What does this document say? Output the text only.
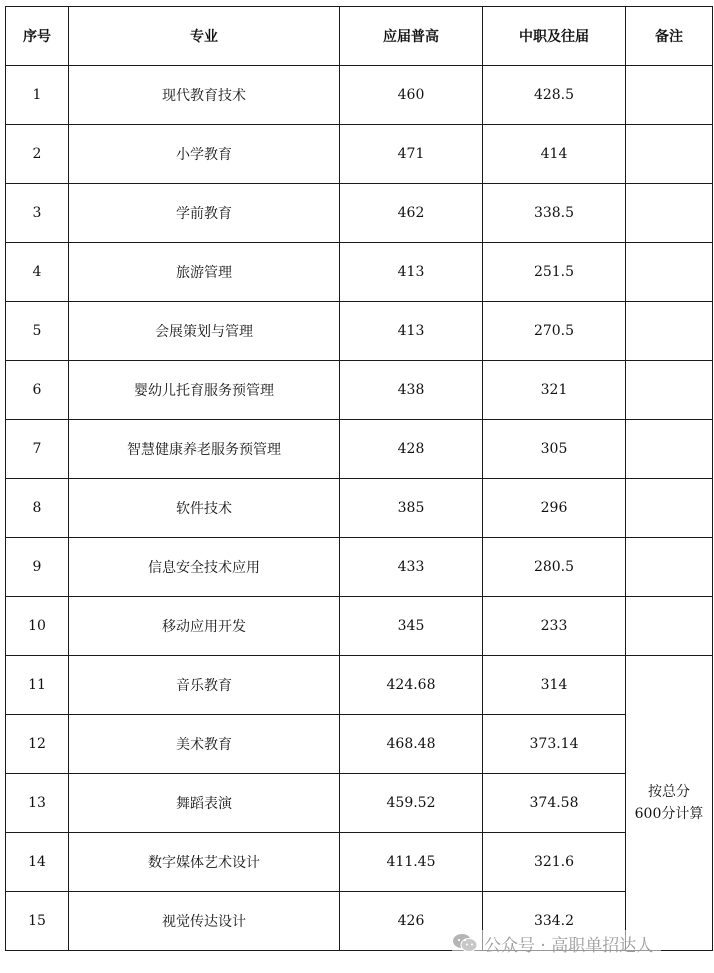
序号	专业	应届普高	中职及往届	备注
1	现代教育技术	460	428.5	
2	小学教育	471	414	
3	学前教育	462	338.5	
4	旅游管理	413	251.5	
5	会展策划与管理	413	270.5	
6	婴幼儿托育服务预管理	438	321	
7	智慧健康养老服务预管理	428	305	
8	软件技术	385	296	
9	信息安全技术应用	433	280.5	
10	移动应用开发	345	233	
11	音乐教育	424.68	314	按总分
600分计算

12	美术教育	468.48	373.14	
13	舞蹈表演	459.52	374.58	
14	数字媒体艺术设计	411.45	321.6	
15	视觉传达设计	426	334.2	
公众号 · 高职单招达人
